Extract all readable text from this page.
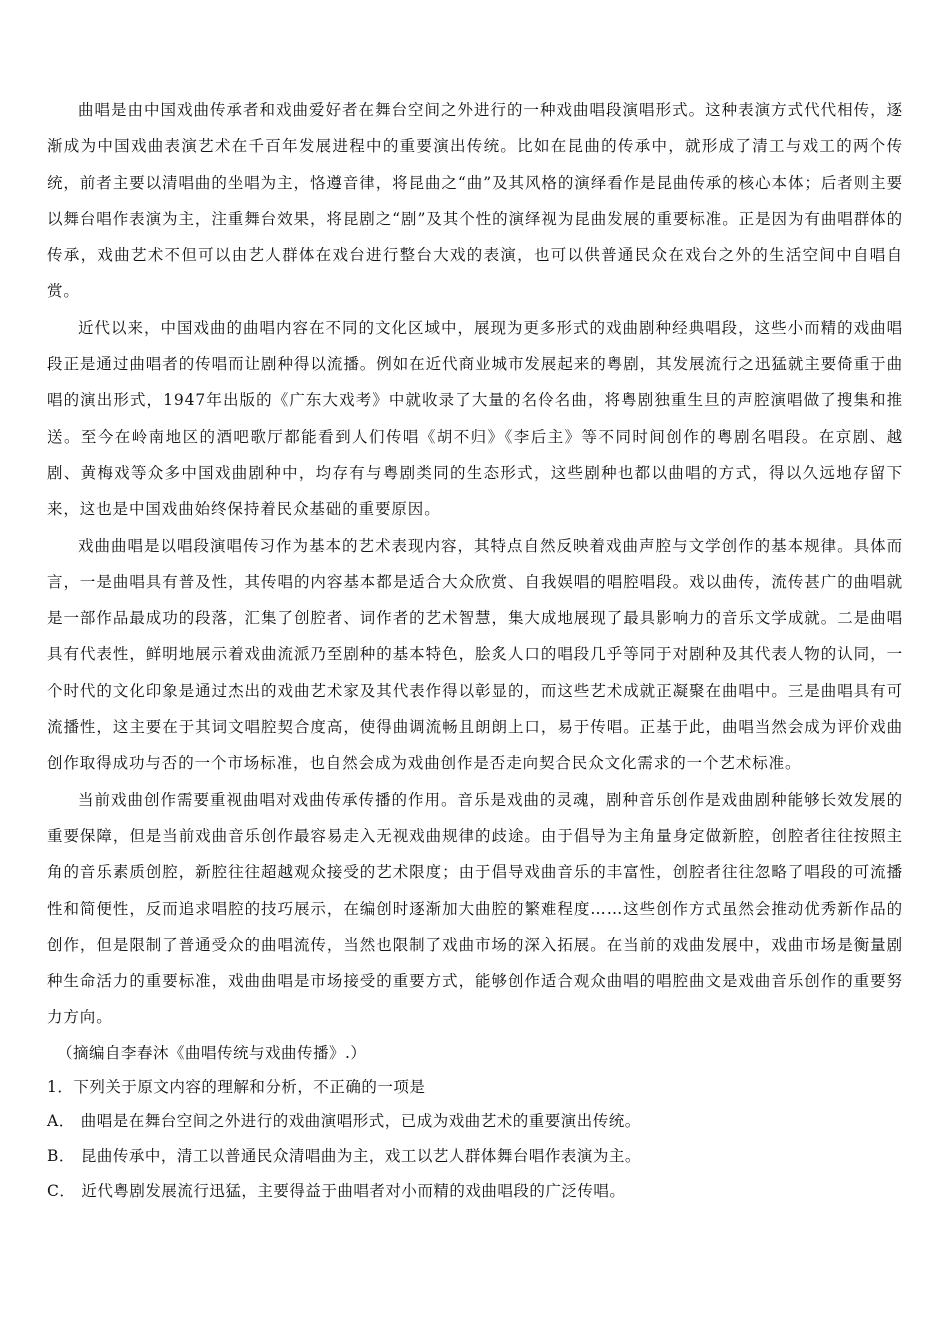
曲唱是由中国戏曲传承者和戏曲爱好者在舞台空间之外进行的一种戏曲唱段演唱形式。这种表演方式代代相传，逐渐成为中国戏曲表演艺术在千百年发展进程中的重要演出传统。比如在昆曲的传承中，就形成了清工与戏工的两个传统，前者主要以清唱曲的坐唱为主，恪遵音律，将昆曲之“曲”及其风格的演绎看作是昆曲传承的核心本体；后者则主要以舞台唱作表演为主，注重舞台效果，将昆剧之“剧”及其个性的演绎视为昆曲发展的重要标准。正是因为有曲唱群体的传承，戏曲艺术不但可以由艺人群体在戏台进行整台大戏的表演，也可以供普通民众在戏台之外的生活空间中自唱自赏。

近代以来，中国戏曲的曲唱内容在不同的文化区域中，展现为更多形式的戏曲剧种经典唱段，这些小而精的戏曲唱段正是通过曲唱者的传唱而让剧种得以流播。例如在近代商业城市发展起来的粤剧，其发展流行之迅猛就主要倚重于曲唱的演出形式，1947年出版的《广东大戏考》中就收录了大量的名伶名曲，将粤剧独重生旦的声腔演唱做了搜集和推送。至今在岭南地区的酒吧歌厅都能看到人们传唱《胡不归》《李后主》等不同时间创作的粤剧名唱段。在京剧、越剧、黄梅戏等众多中国戏曲剧种中，均存有与粤剧类同的生态形式，这些剧种也都以曲唱的方式，得以久远地存留下来，这也是中国戏曲始终保持着民众基础的重要原因。

戏曲曲唱是以唱段演唱传习作为基本的艺术表现内容，其特点自然反映着戏曲声腔与文学创作的基本规律。具体而言，一是曲唱具有普及性，其传唱的内容基本都是适合大众欣赏、自我娱唱的唱腔唱段。戏以曲传，流传甚广的曲唱就是一部作品最成功的段落，汇集了创腔者、词作者的艺术智慧，集大成地展现了最具影响力的音乐文学成就。二是曲唱具有代表性，鲜明地展示着戏曲流派乃至剧种的基本特色，脍炙人口的唱段几乎等同于对剧种及其代表人物的认同，一个时代的文化印象是通过杰出的戏曲艺术家及其代表作得以彰显的，而这些艺术成就正凝聚在曲唱中。三是曲唱具有可流播性，这主要在于其词文唱腔契合度高，使得曲调流畅且朗朗上口，易于传唱。正基于此，曲唱当然会成为评价戏曲创作取得成功与否的一个市场标准，也自然会成为戏曲创作是否走向契合民众文化需求的一个艺术标准。

当前戏曲创作需要重视曲唱对戏曲传承传播的作用。音乐是戏曲的灵魂，剧种音乐创作是戏曲剧种能够长效发展的重要保障，但是当前戏曲音乐创作最容易走入无视戏曲规律的歧途。由于倡导为主角量身定做新腔，创腔者往往按照主角的音乐素质创腔，新腔往往超越观众接受的艺术限度；由于倡导戏曲音乐的丰富性，创腔者往往忽略了唱段的可流播性和简便性，反而追求唱腔的技巧展示，在编创时逐渐加大曲腔的繁难程度……这些创作方式虽然会推动优秀新作品的创作，但是限制了普通受众的曲唱流传，当然也限制了戏曲市场的深入拓展。在当前的戏曲发展中，戏曲市场是衡量剧种生命活力的重要标准，戏曲曲唱是市场接受的重要方式，能够创作适合观众曲唱的唱腔曲文是戏曲音乐创作的重要努力方向。

（摘编自李春沐《曲唱传统与戏曲传播》.）

1．下列关于原文内容的理解和分析，不正确的一项是

A． 曲唱是在舞台空间之外进行的戏曲演唱形式，已成为戏曲艺术的重要演出传统。

B． 昆曲传承中，清工以普通民众清唱曲为主，戏工以艺人群体舞台唱作表演为主。

C． 近代粤剧发展流行迅猛，主要得益于曲唱者对小而精的戏曲唱段的广泛传唱。
